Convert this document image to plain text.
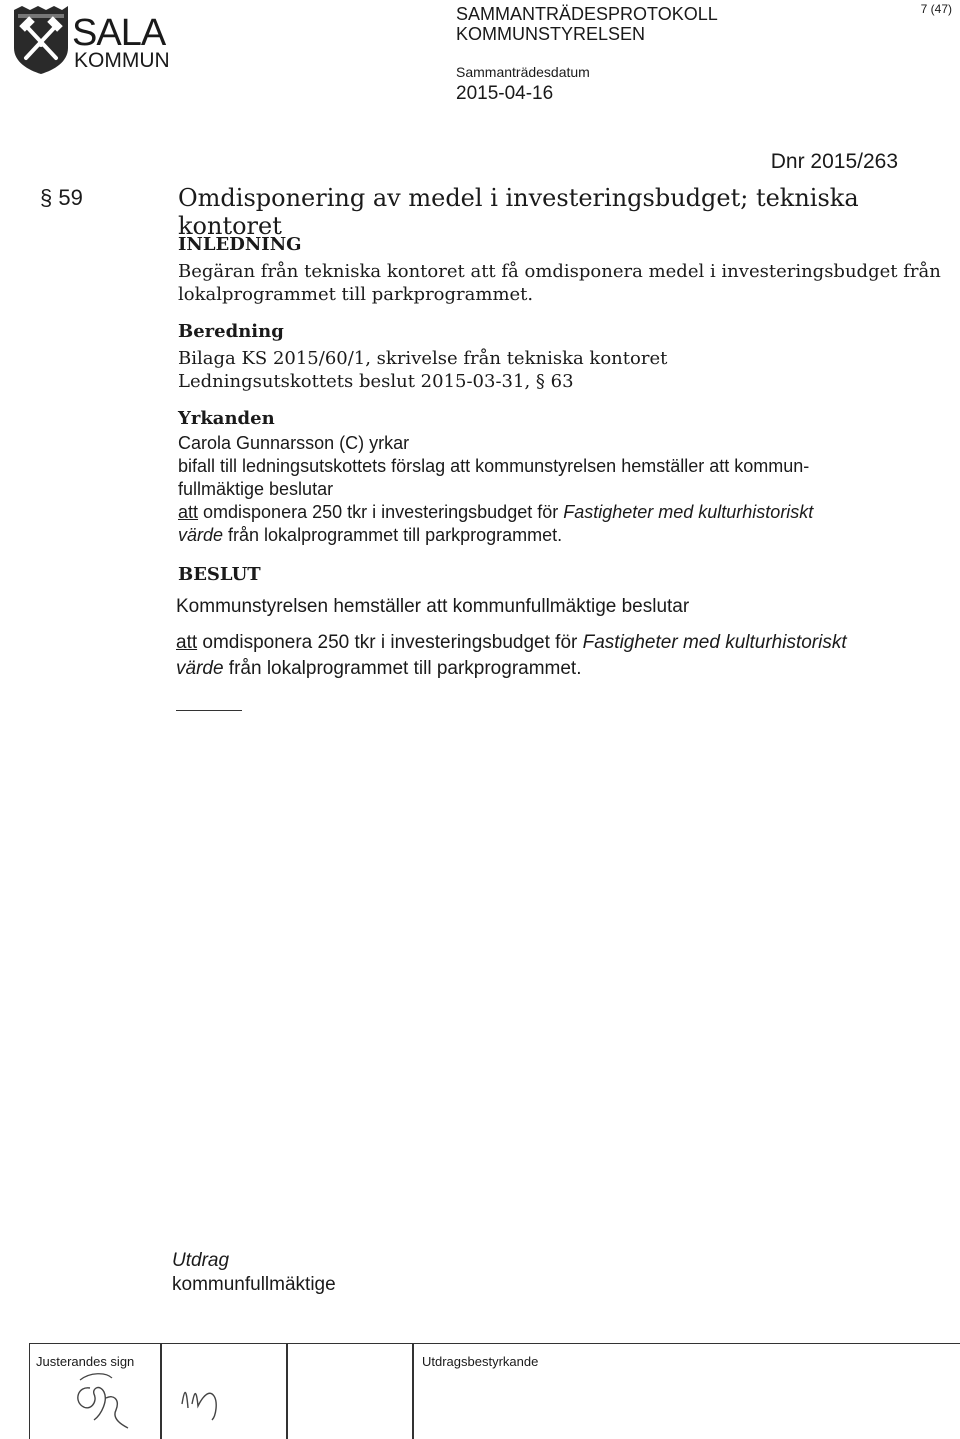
SALA
KOMMUN
SAMMANTRÄDESPROTOKOLL
KOMMUNSTYRELSEN
Sammanträdesdatum
2015-04-16
7 (47)
Dnr 2015/263
§ 59	Omdisponering av medel i investeringsbudget; tekniska kontoret
INLEDNING
Begäran från tekniska kontoret att få omdisponera medel i investeringsbudget från
lokalprogrammet till parkprogrammet.
Beredning
Bilaga KS 2015/60/1, skrivelse från tekniska kontoret
Ledningsutskottets beslut 2015-03-31, § 63
Yrkanden
Carola Gunnarsson (C) yrkar
bifall till ledningsutskottets förslag att kommunstyrelsen hemställer att kommun-
fullmäktige beslutar
att omdisponera 250 tkr i investeringsbudget för Fastigheter med kulturhistoriskt
värde från lokalprogrammet till parkprogrammet.
BESLUT
Kommunstyrelsen hemställer att kommunfullmäktige beslutar
att omdisponera 250 tkr i investeringsbudget för Fastigheter med kulturhistoriskt
värde från lokalprogrammet till parkprogrammet.
Utdrag
kommunfullmäktige
Justerandes sign	Utdragsbestyrkande
